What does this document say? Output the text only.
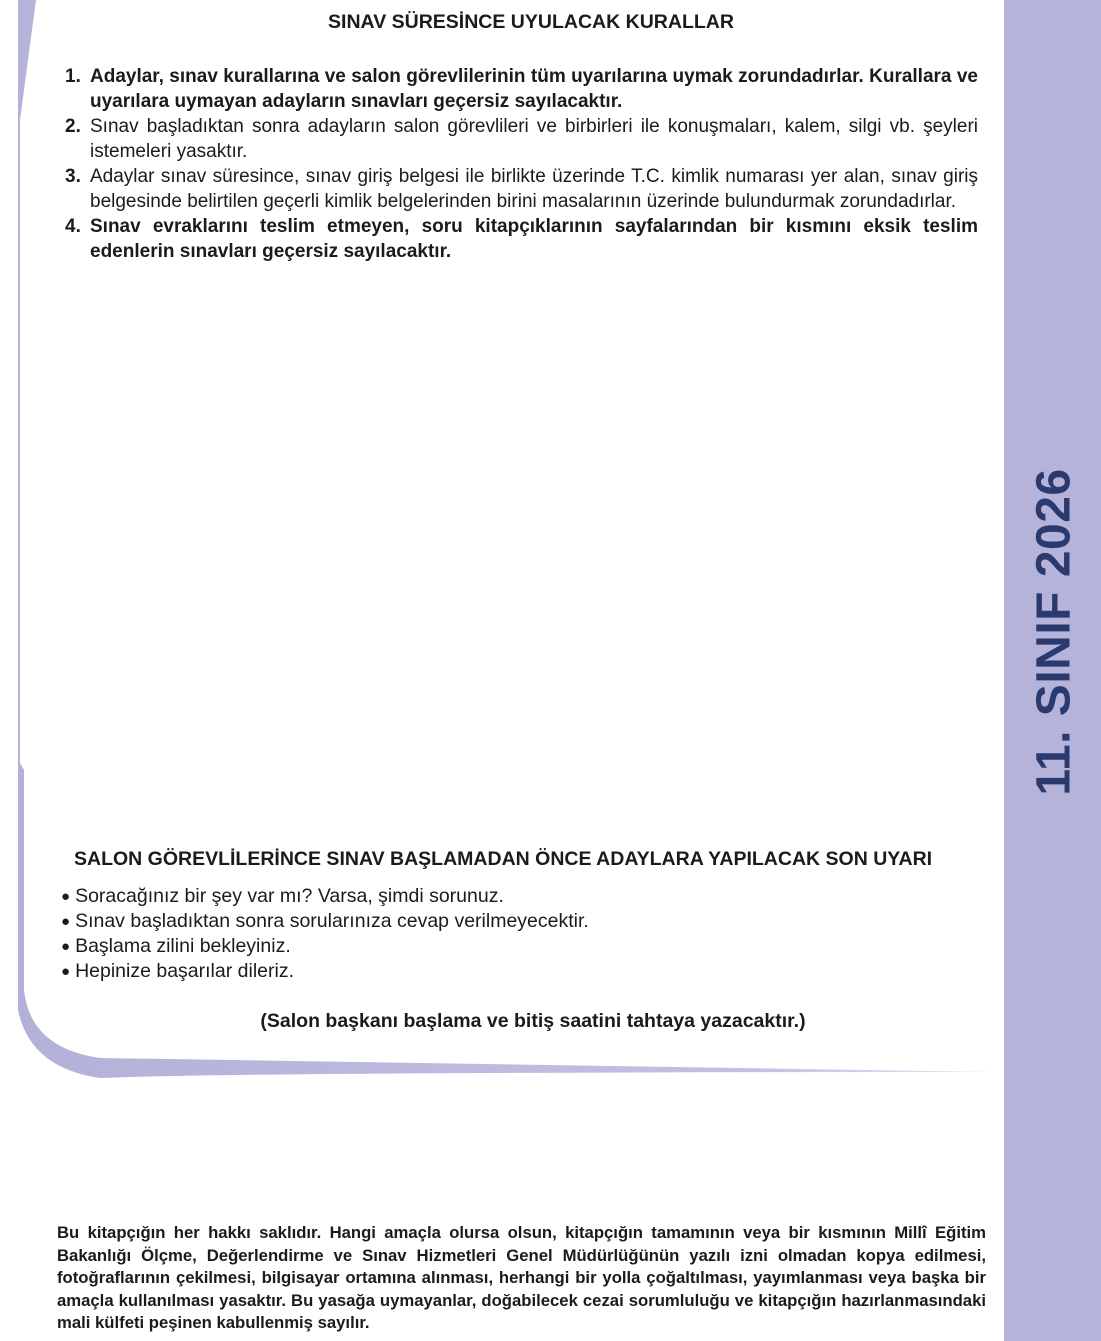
11. SINIF 2026
SINAV SÜRESİNCE UYULACAK KURALLAR
1. Adaylar, sınav kurallarına ve salon görevlilerinin tüm uyarılarına uymak zorundadırlar. Kurallara ve uyarılara uymayan adayların sınavları geçersiz sayılacaktır.
2. Sınav başladıktan sonra adayların salon görevlileri ve birbirleri ile konuşmaları, kalem, silgi vb. şeyleri istemeleri yasaktır.
3. Adaylar sınav süresince, sınav giriş belgesi ile birlikte üzerinde T.C. kimlik numarası yer alan, sınav giriş belgesinde belirtilen geçerli kimlik belgelerinden birini masalarının üzerinde bulundurmak zorundadırlar.
4. Sınav evraklarını teslim etmeyen, soru kitapçıklarının sayfalarından bir kısmını eksik teslim edenlerin sınavları geçersiz sayılacaktır.
SALON GÖREVLİLERİNCE SINAV BAŞLAMADAN ÖNCE ADAYLARA YAPILACAK SON UYARI
● Soracağınız bir şey var mı? Varsa, şimdi sorunuz.
● Sınav başladıktan sonra sorularınıza cevap verilmeyecektir.
● Başlama zilini bekleyiniz.
● Hepinize başarılar dileriz.
(Salon başkanı başlama ve bitiş saatini tahtaya yazacaktır.)
Bu kitapçığın her hakkı saklıdır. Hangi amaçla olursa olsun, kitapçığın tamamının veya bir kısmının Millî Eğitim Bakanlığı Ölçme, Değerlendirme ve Sınav Hizmetleri Genel Müdürlüğünün yazılı izni olmadan kopya edilmesi, fotoğraflarının çekilmesi, bilgisayar ortamına alınması, herhangi bir yolla çoğaltılması, yayımlanması veya başka bir amaçla kullanılması yasaktır. Bu yasağa uymayanlar, doğabilecek cezai sorumluluğu ve kitapçığın hazırlanmasındaki mali külfeti peşinen kabullenmiş sayılır.
